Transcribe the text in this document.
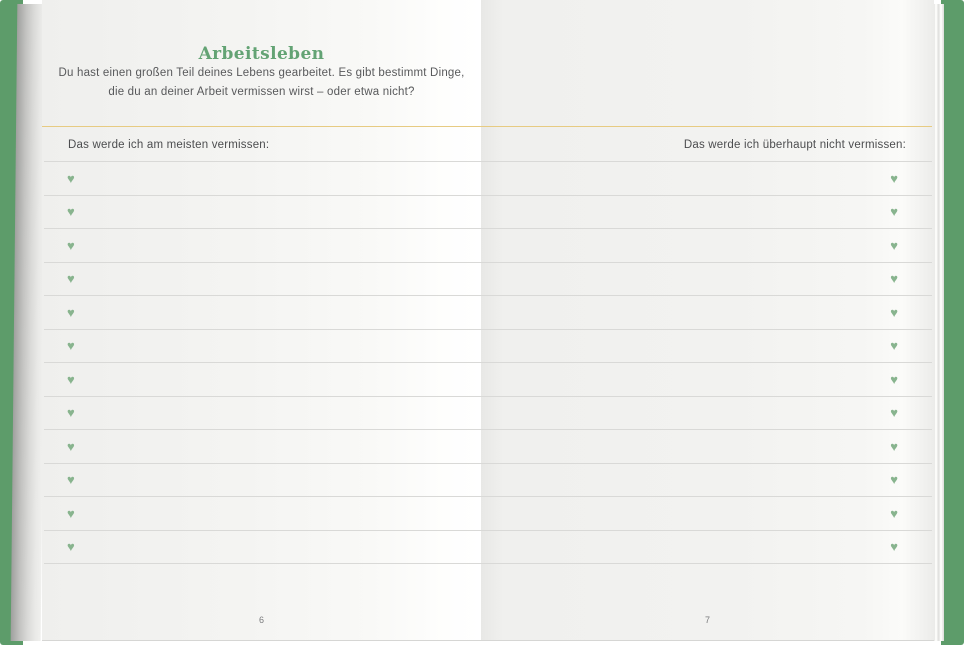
Arbeitsleben

Du hast einen großen Teil deines Lebens gearbeitet. Es gibt bestimmt Dinge,

die du an deiner Arbeit vermissen wirst – oder etwa nicht?

Das werde ich am meisten vermissen:	Das werde ich überhaupt nicht vermissen:
♥	♥
♥	♥
♥	♥
♥	♥
♥	♥
♥	♥
♥	♥
♥	♥
♥	♥
♥	♥
♥	♥
♥	♥
6	7
